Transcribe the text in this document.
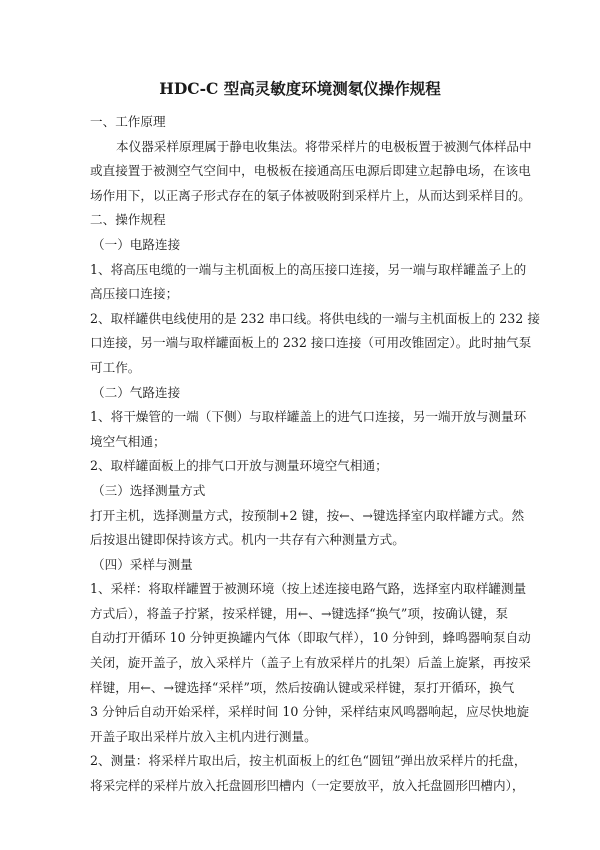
HDC-C 型高灵敏度环境测氡仪操作规程

一、工作原理

本仪器采样原理属于静电收集法。将带采样片的电极板置于被测气体样品中

或直接置于被测空气空间中，电极板在接通高压电源后即建立起静电场，在该电

场作用下，以正离子形式存在的氡子体被吸附到采样片上，从而达到采样目的。

二、操作规程

（一）电路连接

1、将高压电缆的一端与主机面板上的高压接口连接，另一端与取样罐盖子上的

高压接口连接；

2、取样罐供电线使用的是 232 串口线。将供电线的一端与主机面板上的 232 接

口连接，另一端与取样罐面板上的 232 接口连接（可用改锥固定）。此时抽气泵

可工作。

（二）气路连接

1、将干燥管的一端（下侧）与取样罐盖上的进气口连接，另一端开放与测量环

境空气相通；

2、取样罐面板上的排气口开放与测量环境空气相通；

（三）选择测量方式

打开主机，选择测量方式，按预制+2 键，按←、→键选择室内取样罐方式。然

后按退出键即保持该方式。机内一共存有六种测量方式。

（四）采样与测量

1、采样：将取样罐置于被测环境（按上述连接电路气路，选择室内取样罐测量

方式后），将盖子拧紧，按采样键，用←、→键选择“换气”项，按确认键，泵

自动打开循环 10 分钟更换罐内气体（即取气样），10 分钟到，蜂鸣器响泵自动

关闭，旋开盖子，放入采样片（盖子上有放采样片的扎架）后盖上旋紧，再按采

样键，用←、→键选择“采样”项，然后按确认键或采样键，泵打开循环，换气

3 分钟后自动开始采样，采样时间 10 分钟，采样结束风鸣器响起，应尽快地旋

开盖子取出采样片放入主机内进行测量。

2、测量：将采样片取出后，按主机面板上的红色“圆钮”弹出放采样片的托盘，

将采完样的采样片放入托盘圆形凹槽内（一定要放平，放入托盘圆形凹槽内），
